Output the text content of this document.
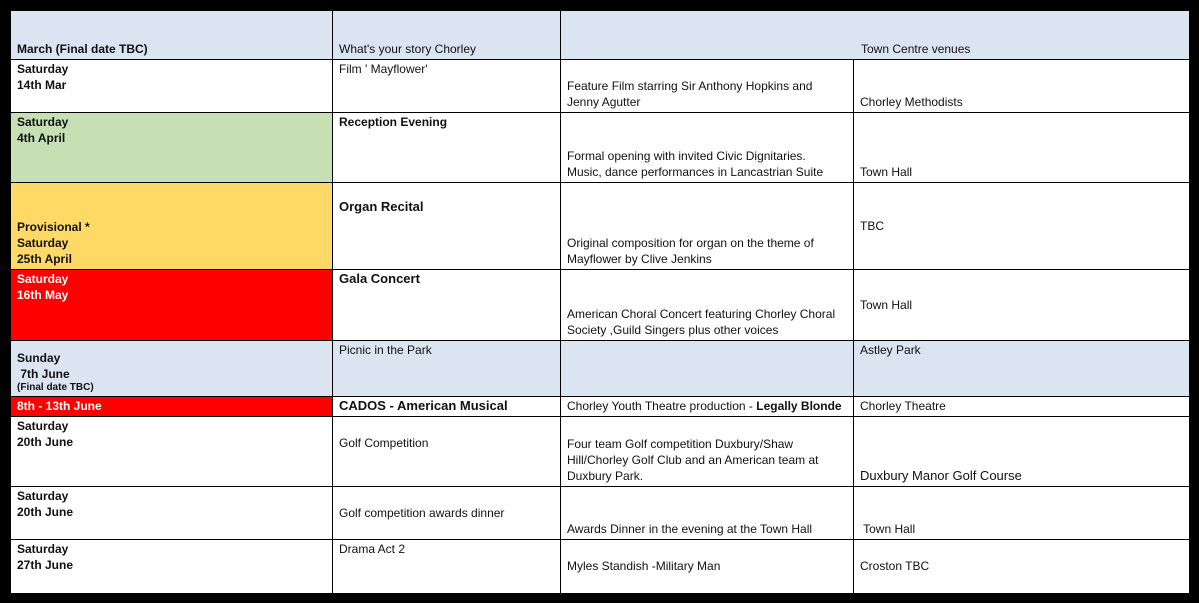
March (Final date TBC)	What's your story Chorley	Town Centre venues	

Saturday
14th Mar	Film ' Mayflower'	Feature Film starring Sir Anthony Hopkins and
Jenny Agutter	Chorley Methodists

Saturday
4th April	Reception Evening	Formal opening with invited Civic Dignitaries.
Music, dance performances in Lancastrian Suite	Town Hall

Provisional *
Saturday
25th April	Organ Recital	Original composition for organ on the theme of
Mayflower by Clive Jenkins	TBC

Saturday
16th May	Gala Concert	American Choral Concert featuring Chorley Choral
Society ,Guild Singers plus other voices	Town Hall

Sunday
7th June
(Final date TBC)	Picnic in the Park		Astley Park
8th - 13th June	CADOS - American Musical	Chorley Youth Theatre production - Legally Blonde	Chorley Theatre

Saturday
20th June	Golf Competition	Four team Golf competition Duxbury/Shaw
Hill/Chorley Golf Club and an American team at
Duxbury Park.	Duxbury Manor Golf Course

Saturday
20th June	Golf competition awards dinner	Awards Dinner in the evening at the Town Hall	Town Hall

Saturday
27th June	Drama Act 2	Myles Standish -Military Man	Croston TBC
